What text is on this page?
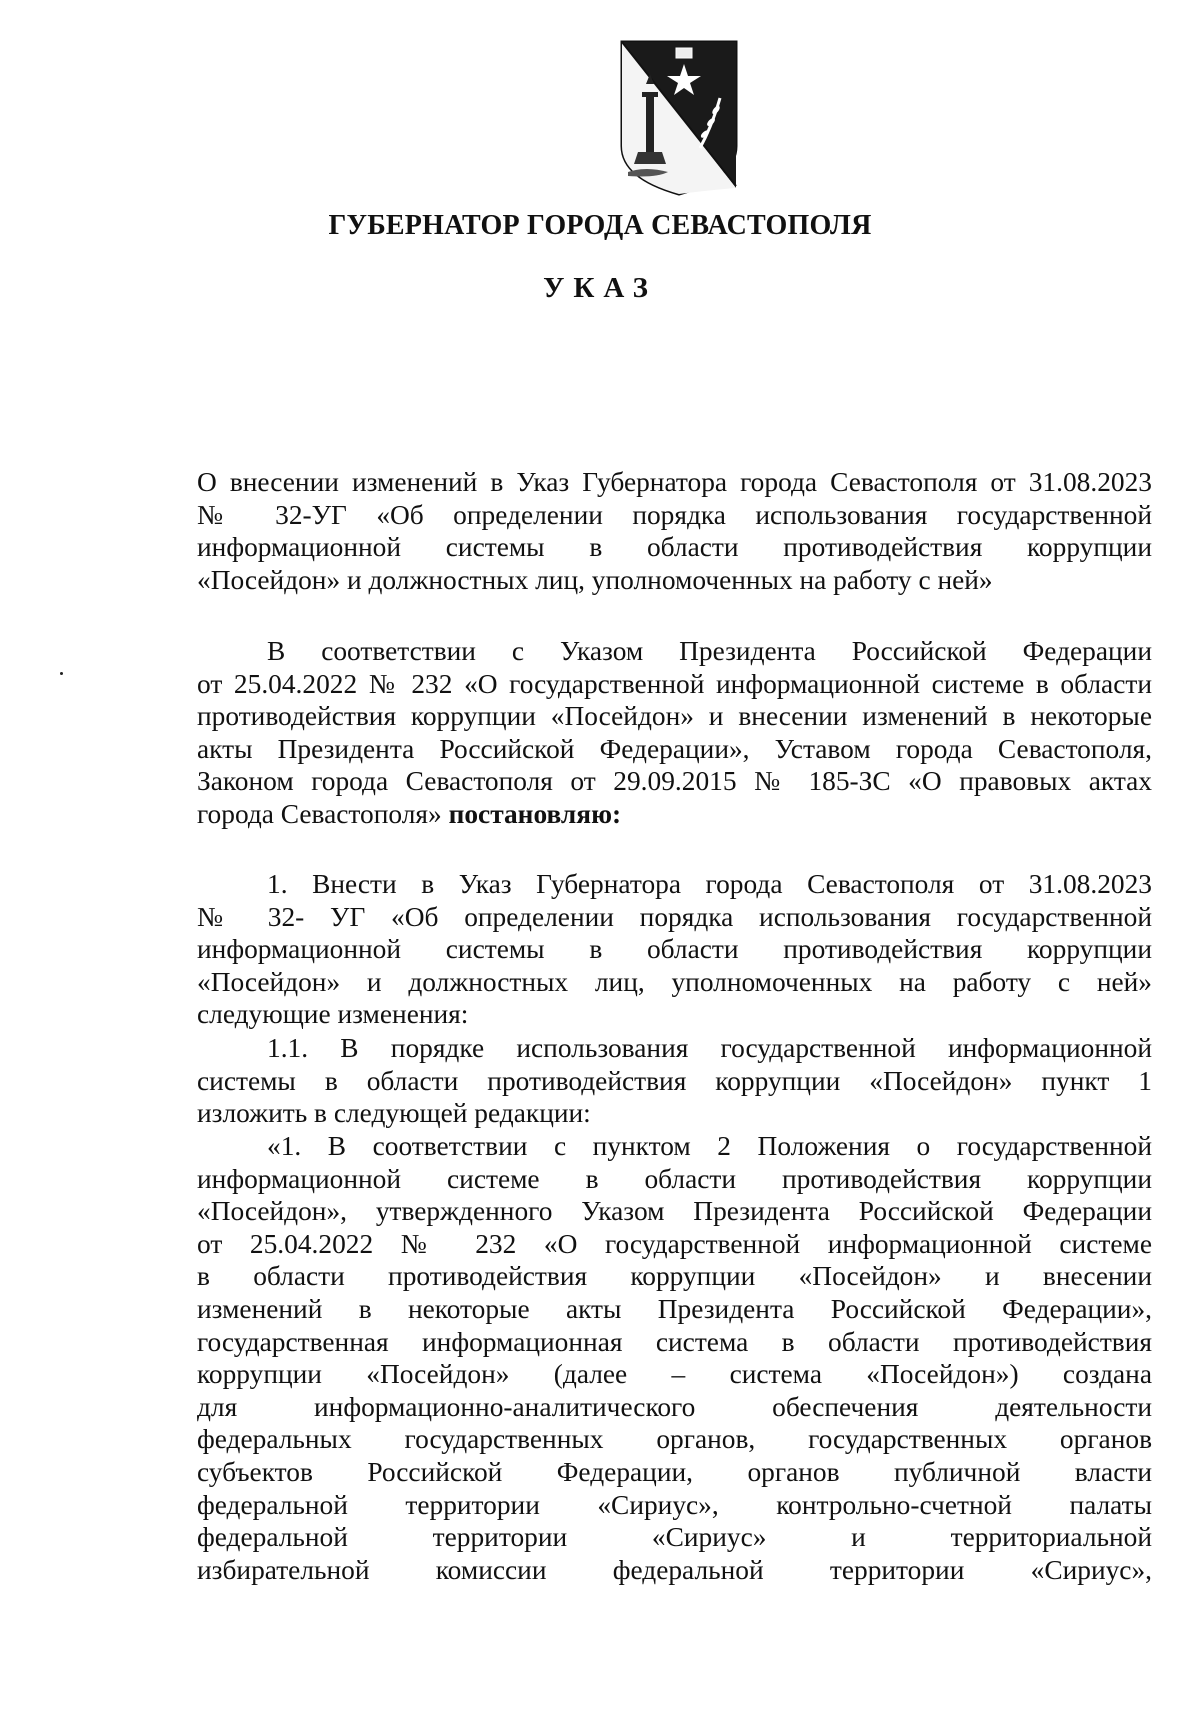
ГУБЕРНАТОР ГОРОДА СЕВАСТОПОЛЯ
УКАЗ
О внесении изменений в Указ Губернатора города Севастополя от 31.08.2023
№ 32-УГ «Об определении порядка использования государственной
информационной системы в области противодействия коррупции
«Посейдон» и должностных лиц, уполномоченных на работу с ней»
В соответствии с Указом Президента Российской Федерации
от 25.04.2022 № 232 «О государственной информационной системе в области
противодействия коррупции «Посейдон» и внесении изменений в некоторые
акты Президента Российской Федерации», Уставом города Севастополя,
Законом города Севастополя от 29.09.2015 № 185-ЗС «О правовых актах
города Севастополя» постановляю:
1. Внести в Указ Губернатора города Севастополя от 31.08.2023
№ 32- УГ «Об определении порядка использования государственной
информационной системы в области противодействия коррупции
«Посейдон» и должностных лиц, уполномоченных на работу с ней»
следующие изменения:
1.1. В порядке использования государственной информационной
системы в области противодействия коррупции «Посейдон» пункт 1
изложить в следующей редакции:
«1. В соответствии с пунктом 2 Положения о государственной
информационной системе в области противодействия коррупции
«Посейдон», утвержденного Указом Президента Российской Федерации
от 25.04.2022 № 232 «О государственной информационной системе
в области противодействия коррупции «Посейдон» и внесении
изменений в некоторые акты Президента Российской Федерации»,
государственная информационная система в области противодействия
коррупции «Посейдон» (далее – система «Посейдон») создана
для информационно-аналитического обеспечения деятельности
федеральных государственных органов, государственных органов
субъектов Российской Федерации, органов публичной власти
федеральной территории «Сириус», контрольно-счетной палаты
федеральной территории «Сириус» и территориальной
избирательной комиссии федеральной территории «Сириус»,
